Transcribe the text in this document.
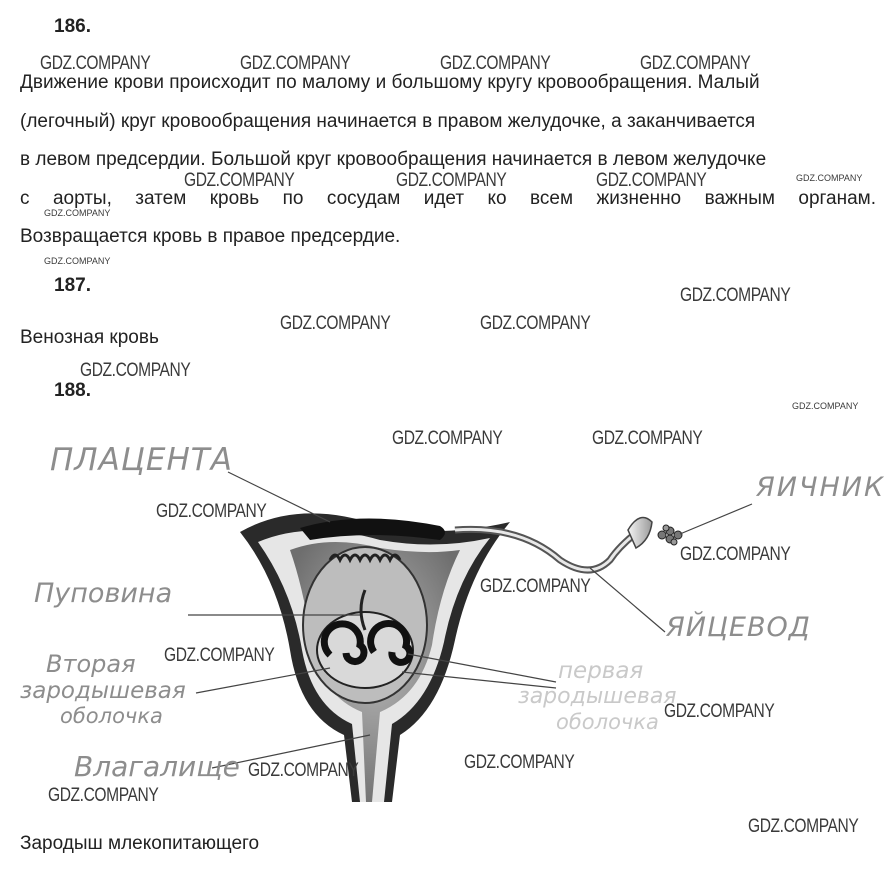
186.
Движение крови происходит по малому и большому кругу кровообращения. Малый
(легочный) круг кровообращения начинается в правом желудочке, а заканчивается
в левом предсердии. Большой круг кровообращения начинается в левом желудочке
с аорты, затем кровь по сосудам идет ко всем жизненно важным органам.
Возвращается кровь в правое предсердие.
187.
Венозная кровь
188.
ПЛАЦЕНТА
ЯИЧНИК
Пуповина
Вторая
зародышевая
оболочка
Влагалище
ЯЙЦЕВОД
первая
зародышевая
оболочка
Зародыш млекопитающего
GDZ.COMPANY	GDZ.COMPANY	GDZ.COMPANY	GDZ.COMPANY
GDZ.COMPANY	GDZ.COMPANY	GDZ.COMPANY	GDZ.COMPANY
GDZ.COMPANY
GDZ.COMPANY
GDZ.COMPANY
GDZ.COMPANY	GDZ.COMPANY
GDZ.COMPANY
GDZ.COMPANY
GDZ.COMPANY	GDZ.COMPANY
GDZ.COMPANY
GDZ.COMPANY
GDZ.COMPANY
GDZ.COMPANY
GDZ.COMPANY
GDZ.COMPANY
GDZ.COMPANY
GDZ.COMPANY
GDZ.COMPANY
